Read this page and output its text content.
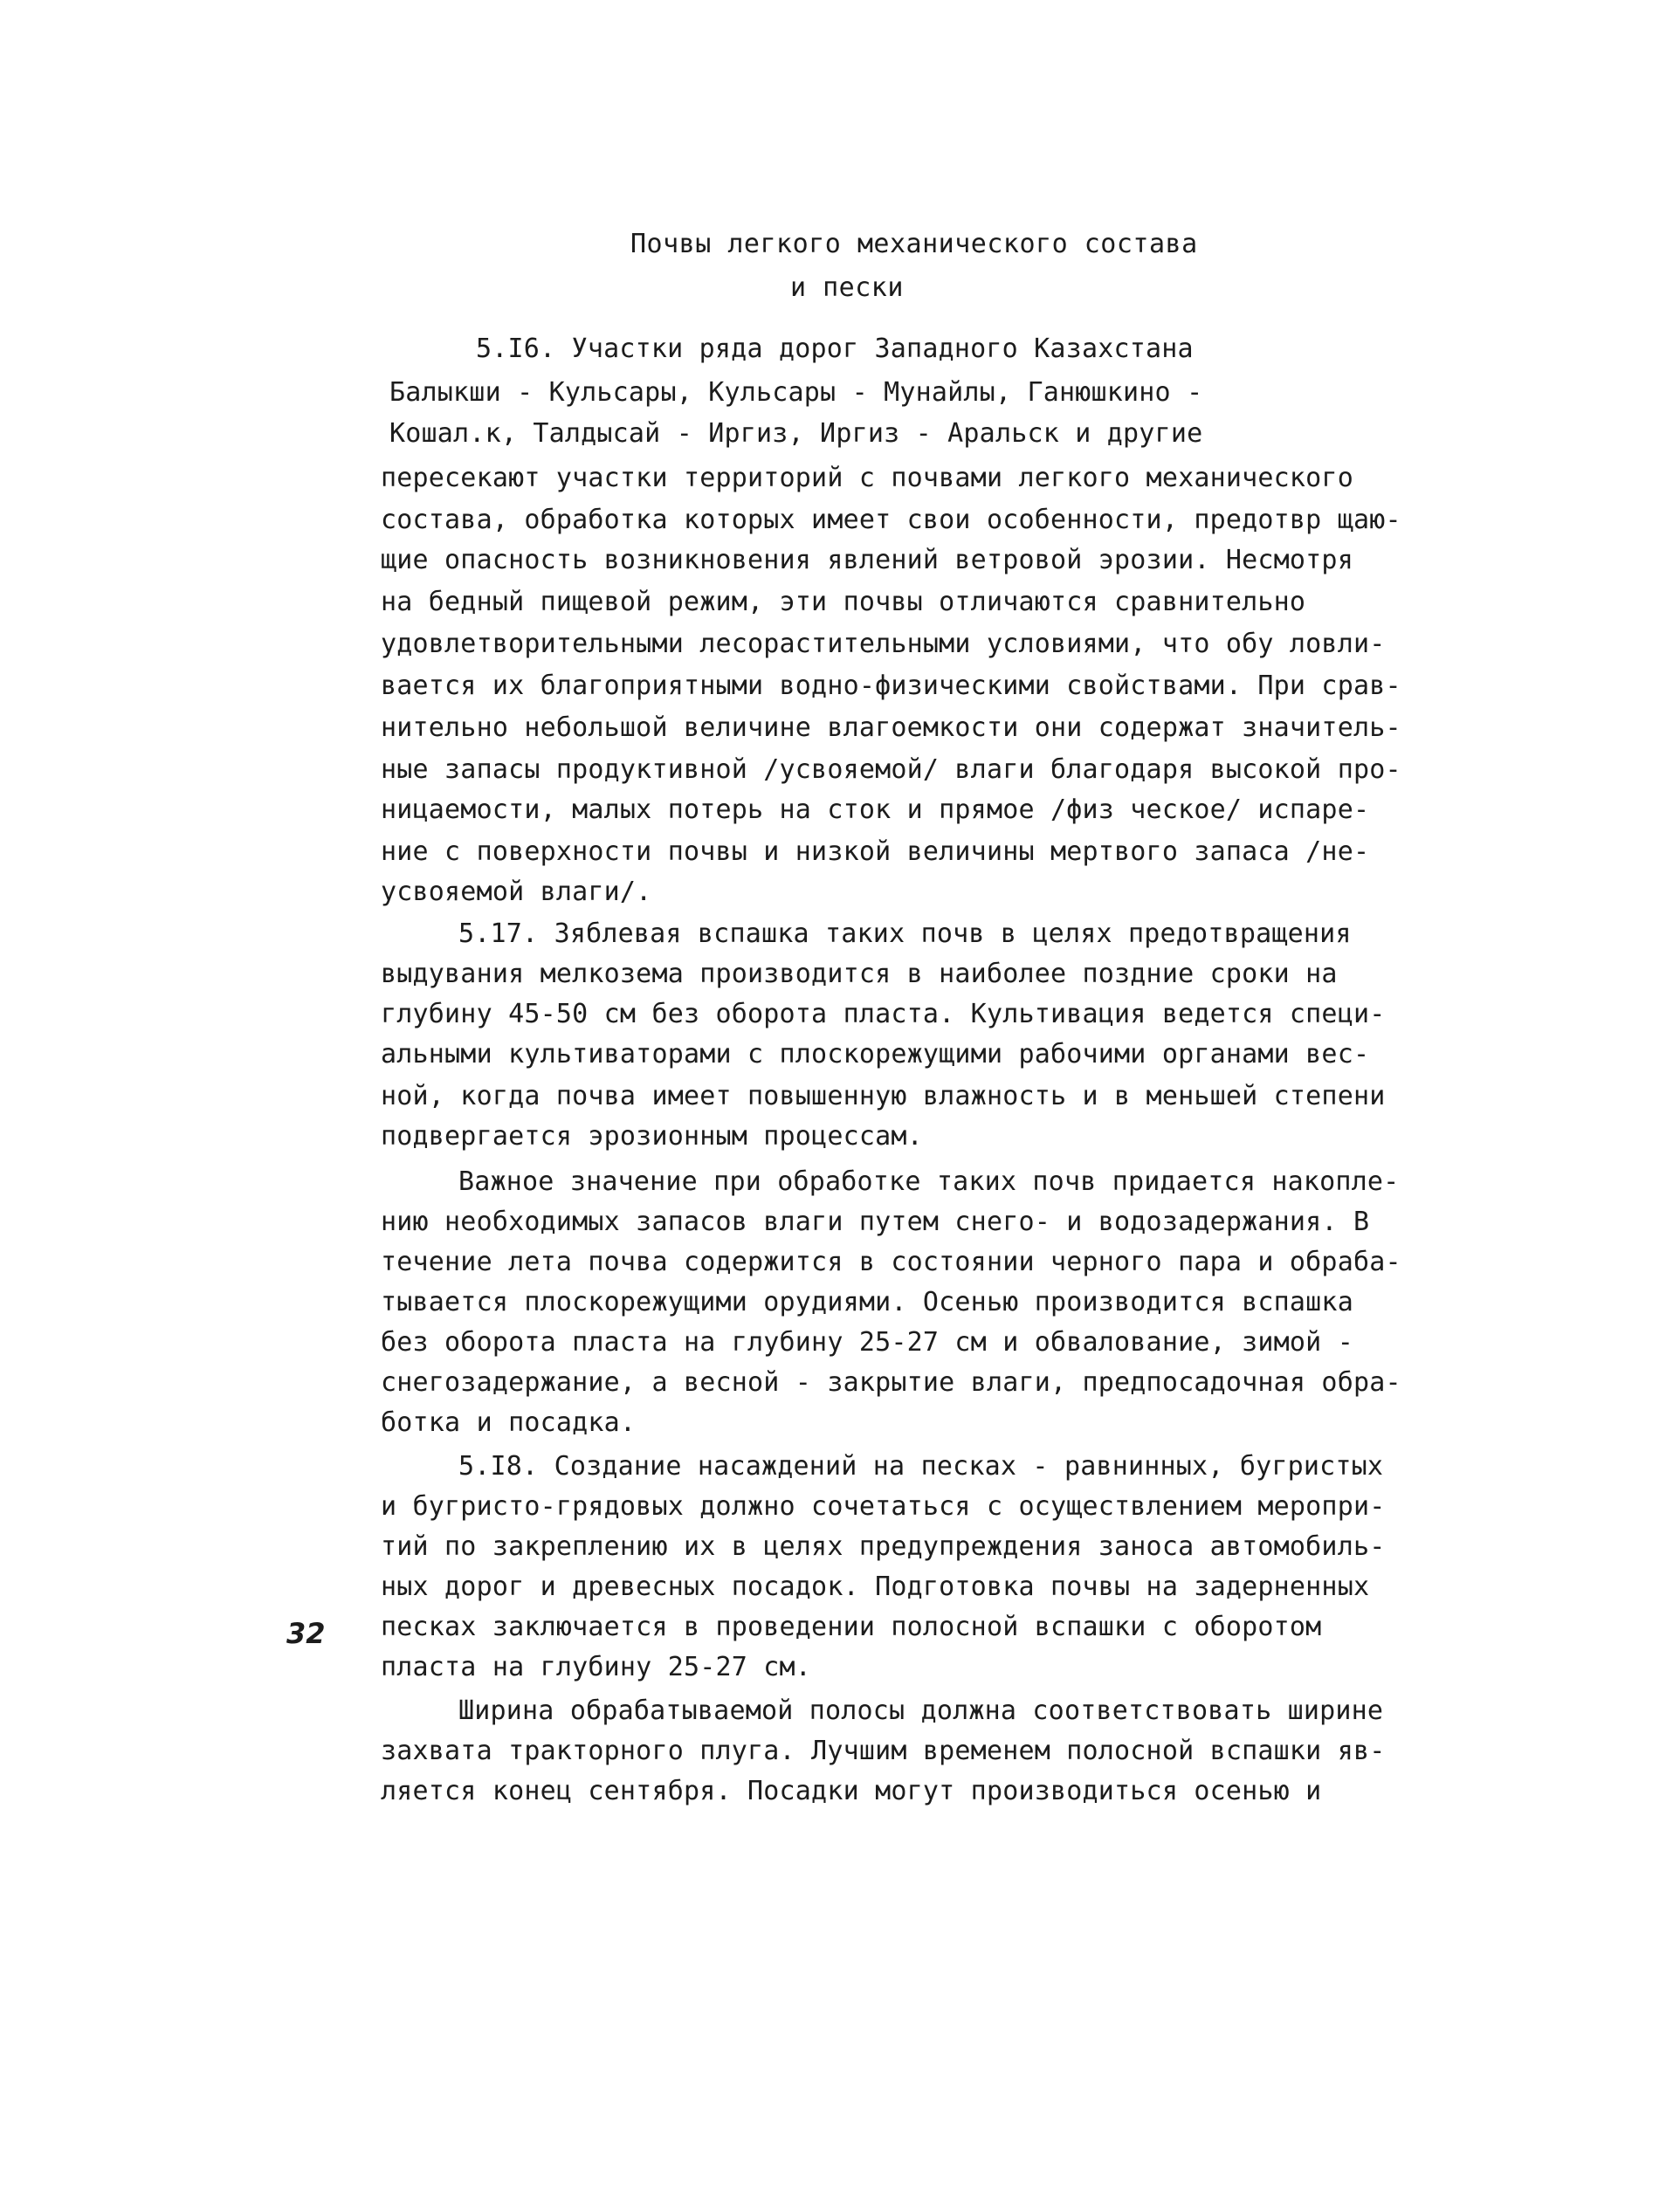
Почвы легкого механического состава
и пески
5.I6. Участки ряда дорог Западного Казахстана
Балыкши - Кульсары, Кульсары - Мунайлы, Ганюшкино -
Кошал.к, Талдысай - Иргиз, Иргиз - Аральск и другие
пересекают участки территорий с почвами легкого механического
состава, обработка которых имеет свои особенности, предотвр щаю-
щие опасность возникновения явлений ветровой эрозии. Несмотря
на бедный пищевой режим, эти почвы отличаются сравнительно
удовлетворительными лесорастительными условиями, что обу ловли-
вается их благоприятными водно-физическими свойствами. При срав-
нительно небольшой величине влагоемкости они содержат значитель-
ные запасы продуктивной /усвояемой/ влаги благодаря высокой про-
ницаемости, малых потерь на сток и прямое /физ ческое/ испаре-
ние с поверхности почвы и низкой величины мертвого запаса /не-
усвояемой влаги/.
5.17. Зяблевая вспашка таких почв в целях предотвращения
выдувания мелкозема производится в наиболее поздние сроки на
глубину 45-50 см без оборота пласта. Культивация ведется специ-
альными культиваторами с плоскорежущими рабочими органами вес-
ной, когда почва имеет повышенную влажность и в меньшей степени
подвергается эрозионным процессам.
Важное значение при обработке таких почв придается накопле-
нию необходимых запасов влаги путем снего- и водозадержания. В
течение лета почва содержится в состоянии черного пара и обраба-
тывается плоскорежущими орудиями. Осенью производится вспашка
без оборота пласта на глубину 25-27 см и обвалование, зимой -
снегозадержание, а весной - закрытие влаги, предпосадочная обра-
ботка и посадка.
5.I8. Создание насаждений на песках - равнинных, бугристых
и бугристо-грядовых должно сочетаться с осуществлением меропри-
тий по закреплению их в целях предупреждения заноса автомобиль-
ных дорог и древесных посадок. Подготовка почвы на задерненных
песках заключается в проведении полосной вспашки с оборотом
пласта на глубину 25-27 см.
Ширина обрабатываемой полосы должна соответствовать ширине
захвата тракторного плуга. Лучшим временем полосной вспашки яв-
ляется конец сентября. Посадки могут производиться осенью и
32
